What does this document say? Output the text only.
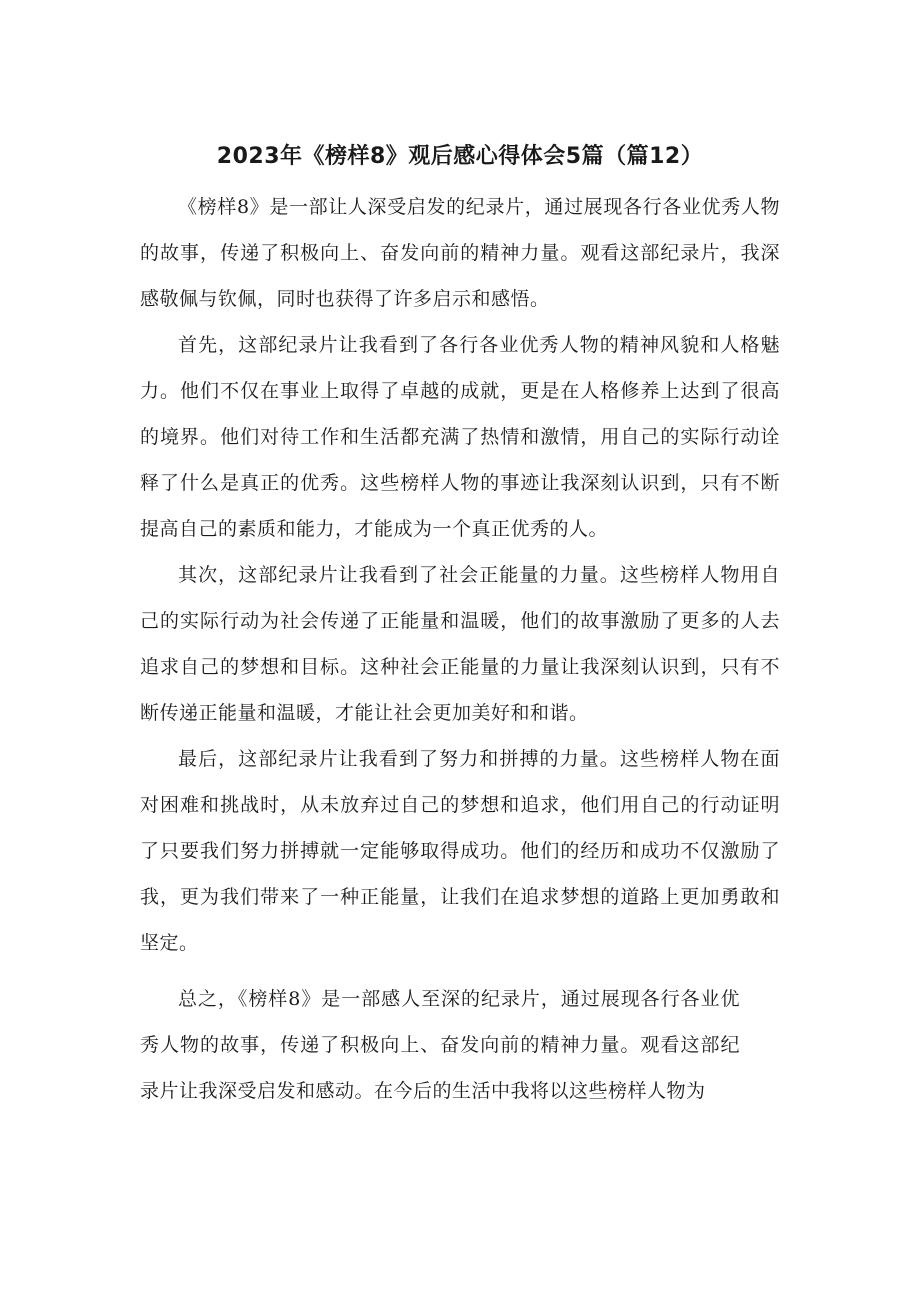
2023年《榜样8》观后感心得体会5篇（篇12）

《榜样8》是一部让人深受启发的纪录片，通过展现各行各业优秀人物的故事，传递了积极向上、奋发向前的精神力量。观看这部纪录片，我深感敬佩与钦佩，同时也获得了许多启示和感悟。

首先，这部纪录片让我看到了各行各业优秀人物的精神风貌和人格魅力。他们不仅在事业上取得了卓越的成就，更是在人格修养上达到了很高的境界。他们对待工作和生活都充满了热情和激情，用自己的实际行动诠释了什么是真正的优秀。这些榜样人物的事迹让我深刻认识到，只有不断提高自己的素质和能力，才能成为一个真正优秀的人。

其次，这部纪录片让我看到了社会正能量的力量。这些榜样人物用自己的实际行动为社会传递了正能量和温暖，他们的故事激励了更多的人去追求自己的梦想和目标。这种社会正能量的力量让我深刻认识到，只有不断传递正能量和温暖，才能让社会更加美好和和谐。

最后，这部纪录片让我看到了努力和拼搏的力量。这些榜样人物在面对困难和挑战时，从未放弃过自己的梦想和追求，他们用自己的行动证明了只要我们努力拼搏就一定能够取得成功。他们的经历和成功不仅激励了我，更为我们带来了一种正能量，让我们在追求梦想的道路上更加勇敢和坚定。

总之，《榜样8》是一部感人至深的纪录片，通过展现各行各业优秀人物的故事，传递了积极向上、奋发向前的精神力量。观看这部纪录片让我深受启发和感动。在今后的生活中我将以这些榜样人物为
